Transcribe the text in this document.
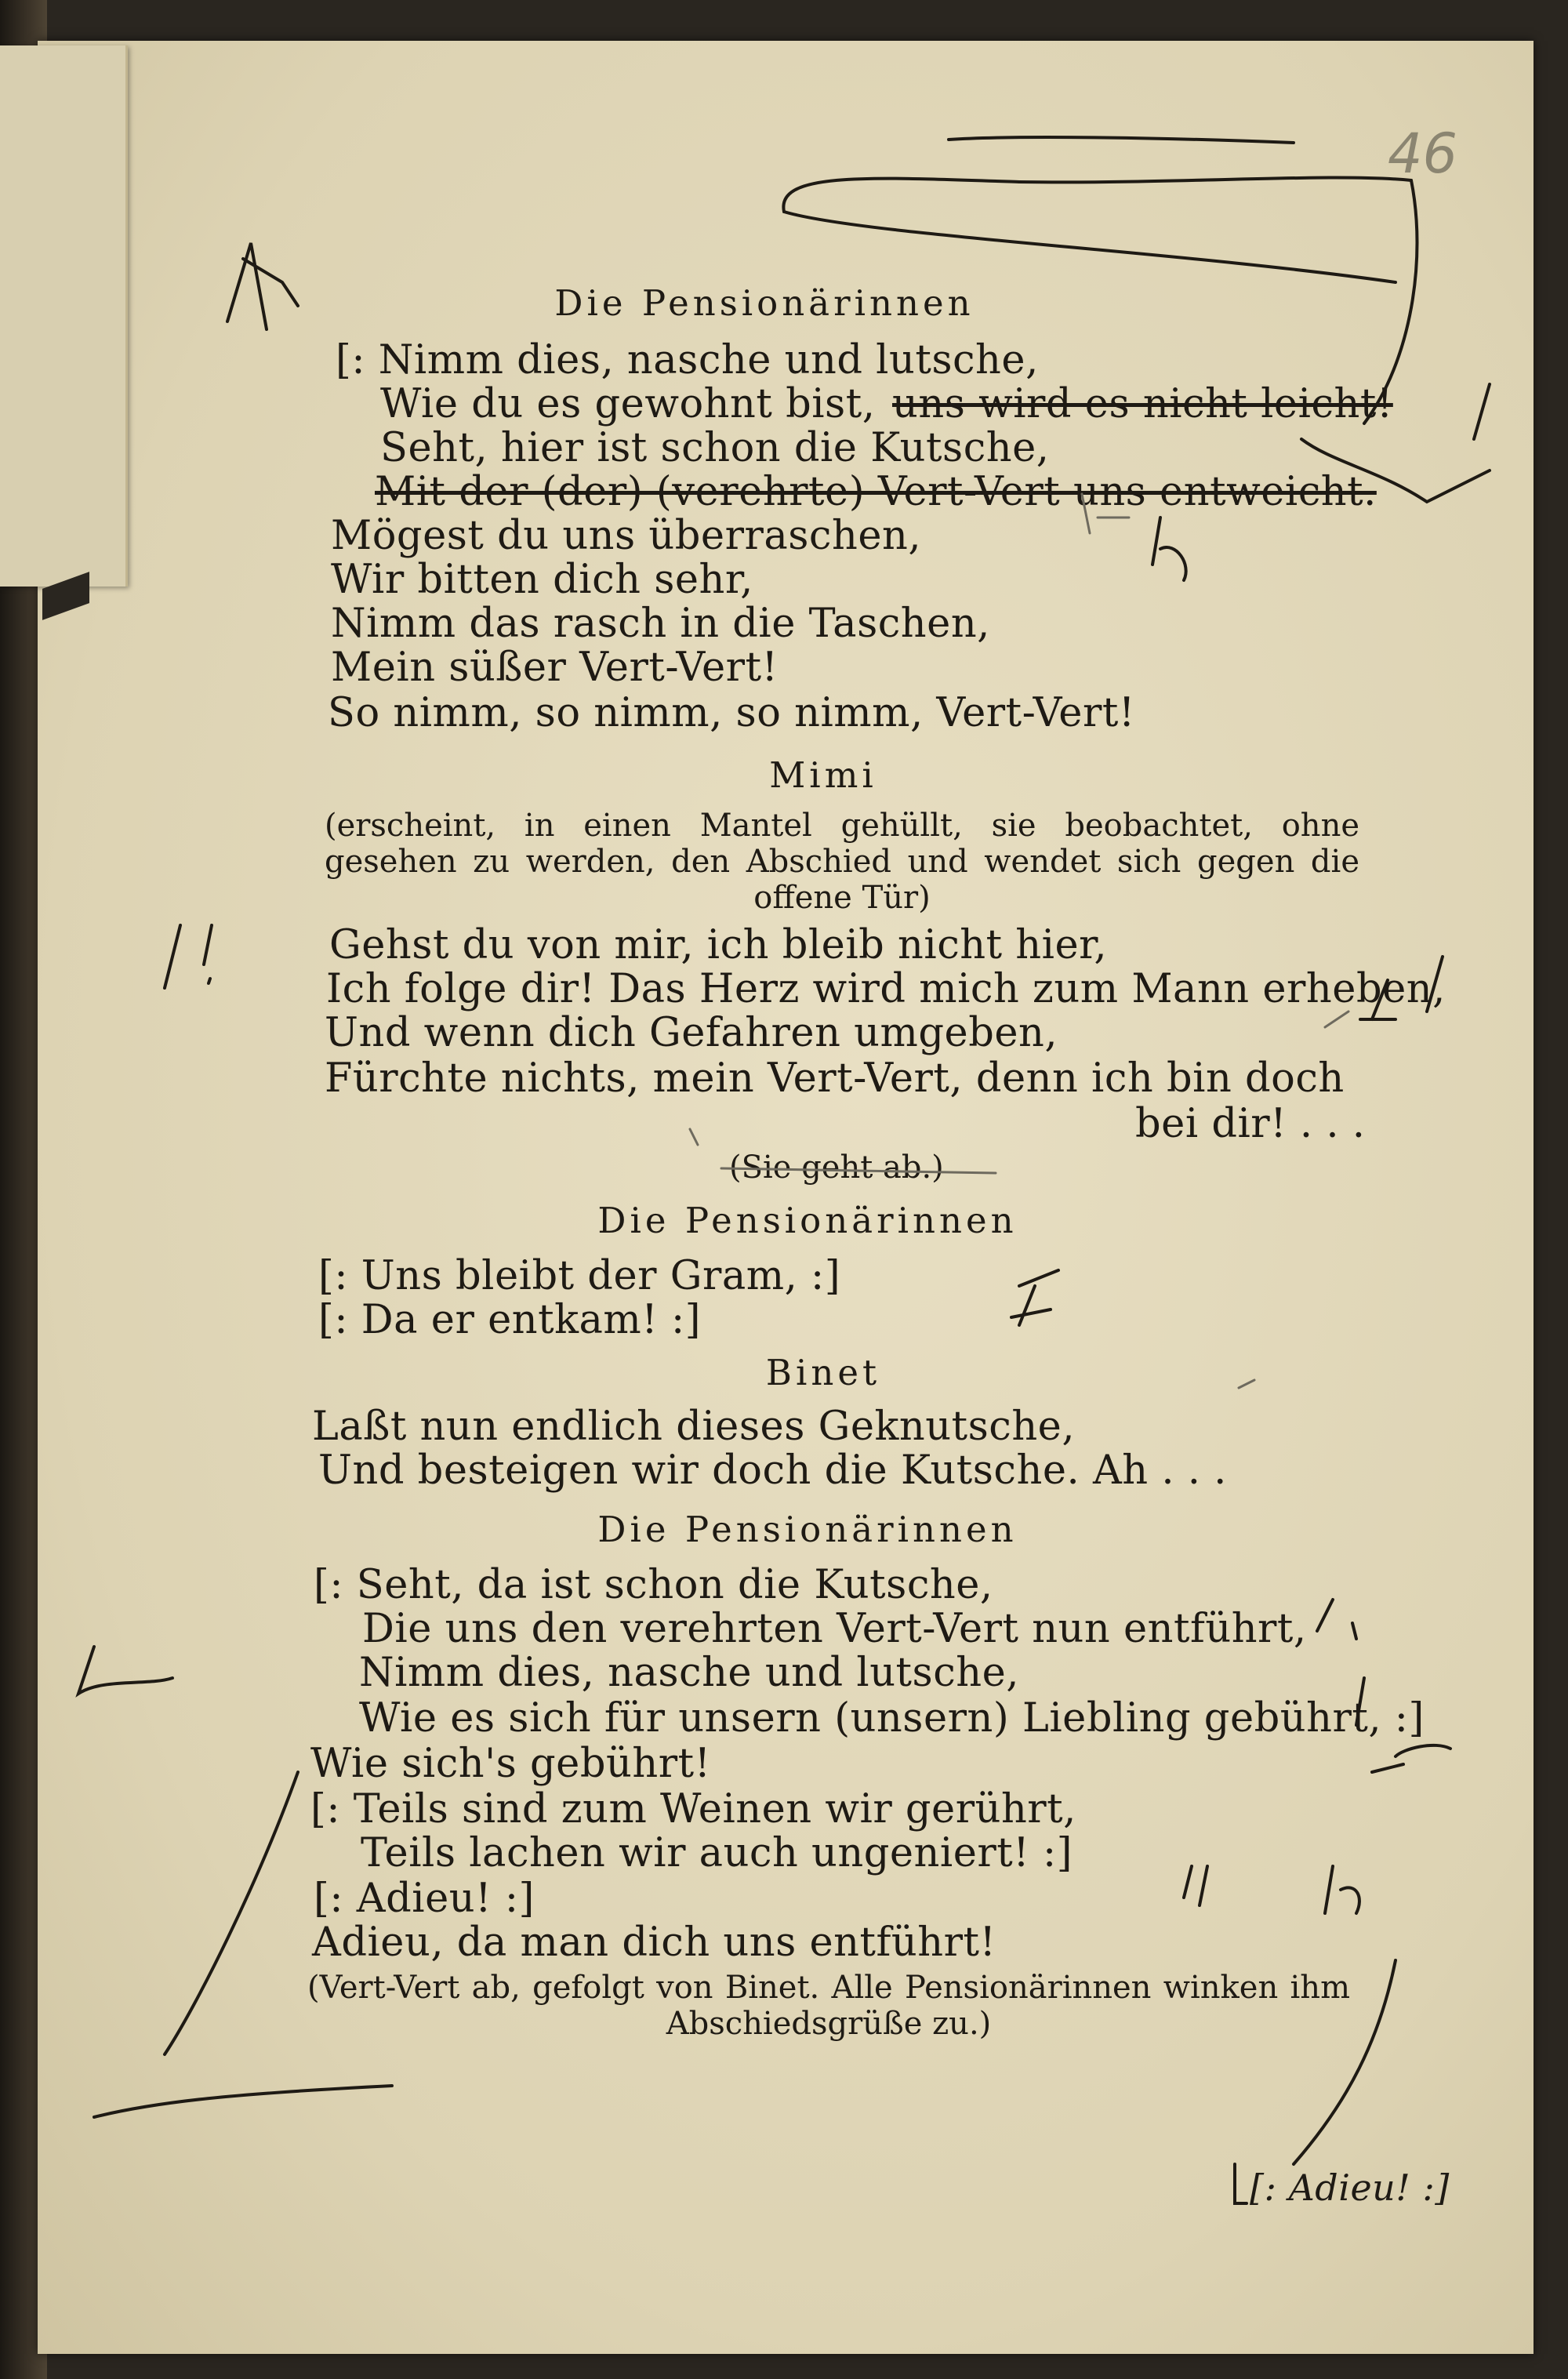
46
Die Pensionärinnen
[: Nimm dies, nasche und lutsche,
Wie du es gewohnt bist, uns wird es nicht leicht!
Seht, hier ist schon die Kutsche,
Mit der (der) (verehrte) Vert-Vert uns entweicht.
Mögest du uns überraschen,
Wir bitten dich sehr,
Nimm das rasch in die Taschen,
Mein süßer Vert-Vert!
So nimm, so nimm, so nimm, Vert-Vert!
Mimi
(erscheint, in einen Mantel gehüllt, sie beobachtet, ohne gesehen zu werden, den Abschied und wendet sich gegen die offene Tür)
Gehst du von mir, ich bleib nicht hier,
Ich folge dir! Das Herz wird mich zum Mann erheben,
Und wenn dich Gefahren umgeben,
Fürchte nichts, mein Vert-Vert, denn ich bin doch
bei dir! . . .
(Sie geht ab.)
Die Pensionärinnen
[: Uns bleibt der Gram, :]
[: Da er entkam! :]
Binet
Laßt nun endlich dieses Geknutsche,
Und besteigen wir doch die Kutsche. Ah . . .
Die Pensionärinnen
[: Seht, da ist schon die Kutsche,
Die uns den verehrten Vert-Vert nun entführt,
Nimm dies, nasche und lutsche,
Wie es sich für unsern (unsern) Liebling gebührt, :]
Wie sich's gebührt!
[: Teils sind zum Weinen wir gerührt,
Teils lachen wir auch ungeniert! :]
[: Adieu! :]
Adieu, da man dich uns entführt!
(Vert-Vert ab, gefolgt von Binet. Alle Pensionärinnen winken ihm Abschiedsgrüße zu.)
[: Adieu! :]
